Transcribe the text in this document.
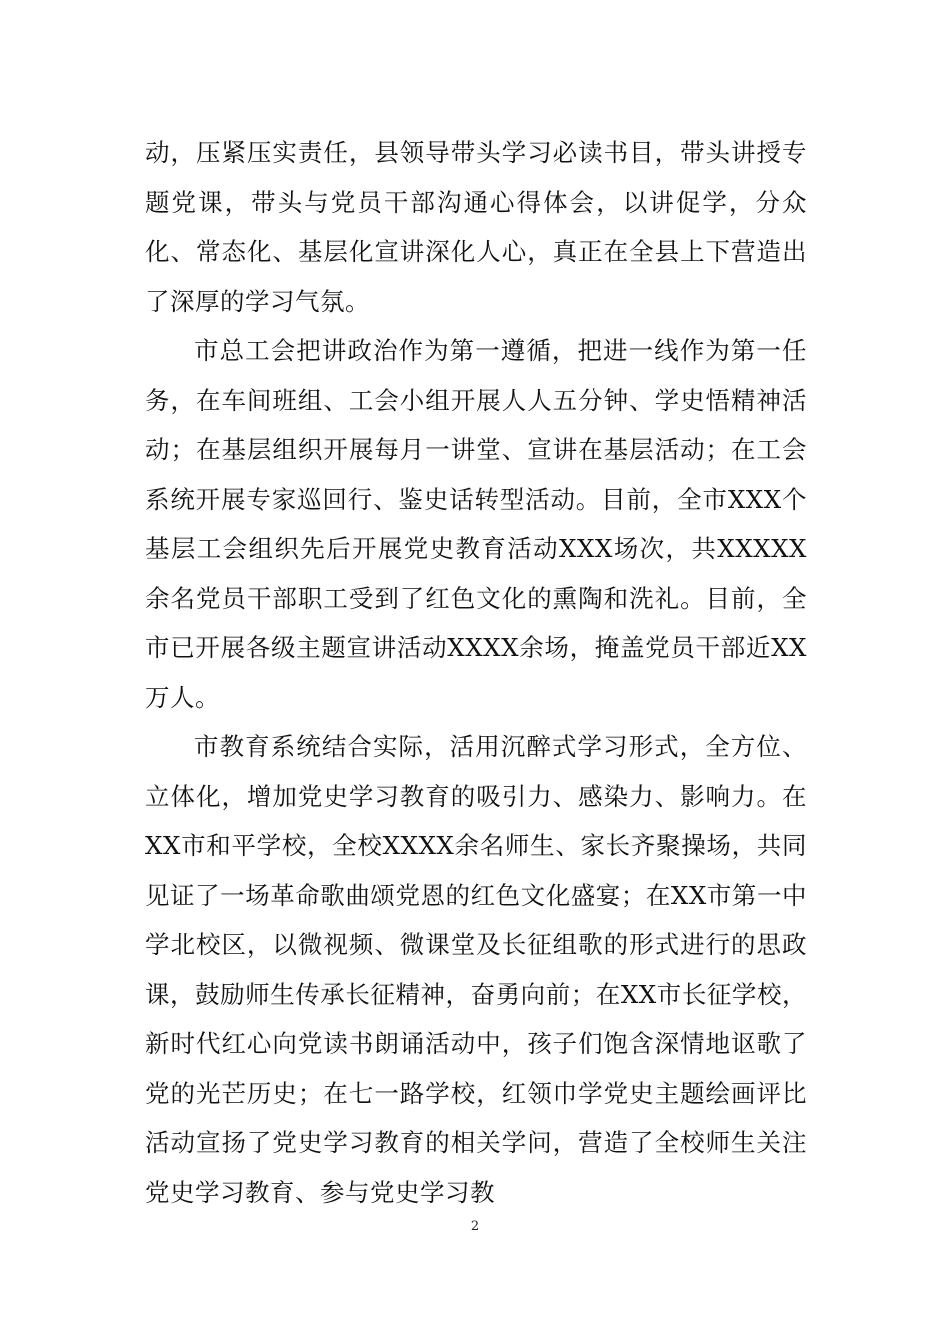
动，压紧压实责任，县领导带头学习必读书目，带头讲授专题党课，带头与党员干部沟通心得体会，以讲促学，分众化、常态化、基层化宣讲深化人心，真正在全县上下营造出了深厚的学习气氛。

市总工会把讲政治作为第一遵循，把进一线作为第一任务，在车间班组、工会小组开展人人五分钟、学史悟精神活动；在基层组织开展每月一讲堂、宣讲在基层活动；在工会系统开展专家巡回行、鉴史话转型活动。目前，全市XXX个基层工会组织先后开展党史教育活动XXX场次，共XXXXX余名党员干部职工受到了红色文化的熏陶和洗礼。目前，全市已开展各级主题宣讲活动XXXX余场，掩盖党员干部近XX万人。

市教育系统结合实际，活用沉醉式学习形式，全方位、立体化，增加党史学习教育的吸引力、感染力、影响力。在XX市和平学校，全校XXXX余名师生、家长齐聚操场，共同见证了一场革命歌曲颂党恩的红色文化盛宴；在XX市第一中学北校区，以微视频、微课堂及长征组歌的形式进行的思政课，鼓励师生传承长征精神，奋勇向前；在XX市长征学校，新时代红心向党读书朗诵活动中，孩子们饱含深情地讴歌了党的光芒历史；在七一路学校，红领巾学党史主题绘画评比活动宣扬了党史学习教育的相关学问，营造了全校师生关注党史学习教育、参与党史学习教

2
